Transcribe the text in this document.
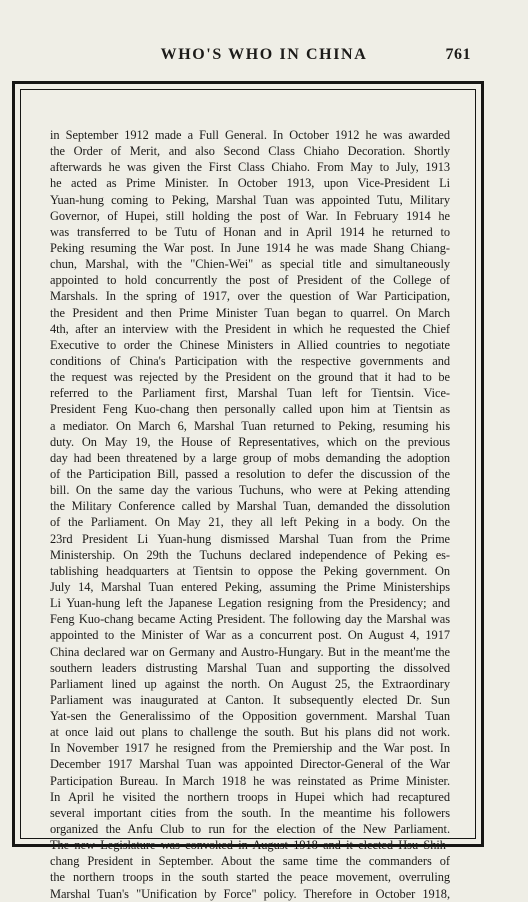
WHO'S WHO IN CHINA	761
in September 1912 made a Full General. In October 1912 he was awarded
the Order of Merit, and also Second Class Chiaho Decoration. Shortly
afterwards he was given the First Class Chiaho. From May to July, 1913
he acted as Prime Minister. In October 1913, upon Vice-President Li
Yuan-hung coming to Peking, Marshal Tuan was appointed Tutu, Military
Governor, of Hupei, still holding the post of War. In February 1914 he
was transferred to be Tutu of Honan and in April 1914 he returned to
Peking resuming the War post. In June 1914 he was made Shang Chiang-
chun, Marshal, with the "Chien-Wei" as special title and simultaneously
appointed to hold concurrently the post of President of the College of
Marshals. In the spring of 1917, over the question of War Participation,
the President and then Prime Minister Tuan began to quarrel. On March
4th, after an interview with the President in which he requested the Chief
Executive to order the Chinese Ministers in Allied countries to negotiate
conditions of China's Participation with the respective governments and
the request was rejected by the President on the ground that it had to be
referred to the Parliament first, Marshal Tuan left for Tientsin. Vice-
President Feng Kuo-chang then personally called upon him at Tientsin as
a mediator. On March 6, Marshal Tuan returned to Peking, resuming his
duty. On May 19, the House of Representatives, which on the previous
day had been threatened by a large group of mobs demanding the adoption
of the Participation Bill, passed a resolution to defer the discussion of the
bill. On the same day the various Tuchuns, who were at Peking attending
the Military Conference called by Marshal Tuan, demanded the dissolution
of the Parliament. On May 21, they all left Peking in a body. On the
23rd President Li Yuan-hung dismissed Marshal Tuan from the Prime
Ministership. On 29th the Tuchuns declared independence of Peking es-
tablishing headquarters at Tientsin to oppose the Peking government. On
July 14, Marshal Tuan entered Peking, assuming the Prime Ministerships
Li Yuan-hung left the Japanese Legation resigning from the Presidency; and
Feng Kuo-chang became Acting President. The following day the Marshal was
appointed to the Minister of War as a concurrent post. On August 4, 1917
China declared war on Germany and Austro-Hungary. But in the meant'me the
southern leaders distrusting Marshal Tuan and supporting the dissolved
Parliament lined up against the north. On August 25, the Extraordinary
Parliament was inaugurated at Canton. It subsequently elected Dr. Sun
Yat-sen the Generalissimo of the Opposition government. Marshal Tuan
at once laid out plans to challenge the south. But his plans did not work.
In November 1917 he resigned from the Premiership and the War post. In
December 1917 Marshal Tuan was appointed Director-General of the War
Participation Bureau. In March 1918 he was reinstated as Prime Minister.
In April he visited the northern troops in Hupei which had recaptured
several important cities from the south. In the meantime his followers
organized the Anfu Club to run for the election of the New Parliament.
The new Legislature was convoked in August 1918 and it elected Hsu Shih-
chang President in September. About the same time the commanders of
the northern troops in the south started the peace movement, overruling
Marshal Tuan's "Unification by Force" policy. Therefore in October 1918,
